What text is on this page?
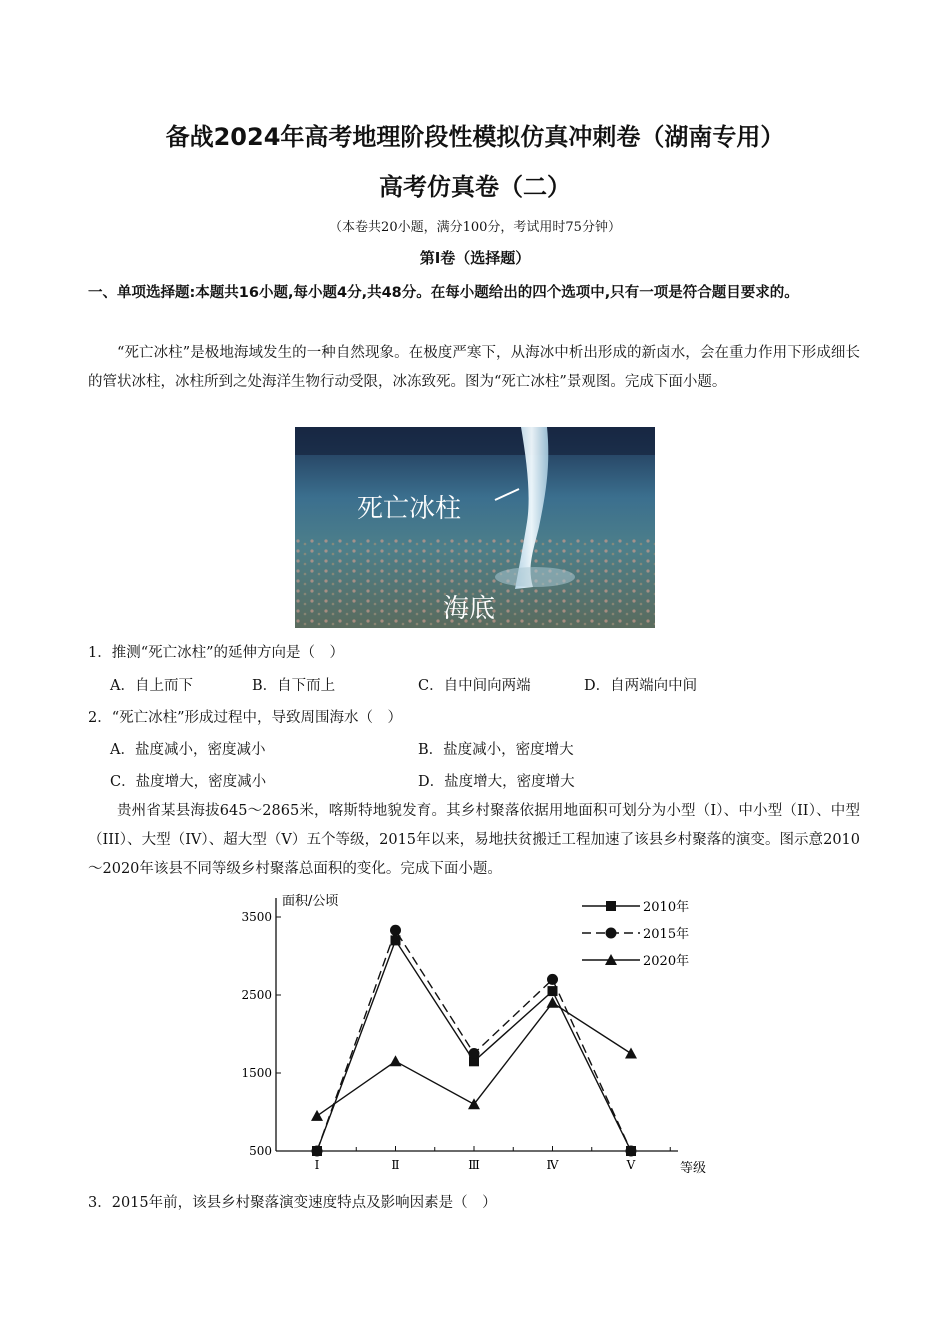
备战2024年高考地理阶段性模拟仿真冲刺卷（湖南专用）
高考仿真卷（二）
（本卷共20小题，满分100分，考试用时75分钟）
第I卷（选择题）
一、单项选择题:本题共16小题,每小题4分,共48分。在每小题给出的四个选项中,只有一项是符合题目要求的。
“死亡冰柱”是极地海域发生的一种自然现象。在极度严寒下，从海冰中析出形成的新卤水，会在重力作用下形成细长的管状冰柱，冰柱所到之处海洋生物行动受限，冰冻致死。图为“死亡冰柱”景观图。完成下面小题。
死亡冰柱
海底
1．推测“死亡冰柱”的延伸方向是（　）
A．自上而下	B．自下而上	C．自中间向两端	D．自两端向中间
2．“死亡冰柱”形成过程中，导致周围海水（　）
A．盐度减小，密度减小	B．盐度减小，密度增大
C．盐度增大，密度减小	D．盐度增大，密度增大
贵州省某县海拔645～2865米，喀斯特地貌发育。其乡村聚落依据用地面积可划分为小型（I）、中小型（II）、中型（III）、大型（IV）、超大型（V）五个等级，2015年以来，易地扶贫搬迁工程加速了该县乡村聚落的演变。图示意2010～2020年该县不同等级乡村聚落总面积的变化。完成下面小题。
面积/公顷
等级
500
1500
2500
3500
Ⅰ	Ⅱ	Ⅲ	Ⅳ	Ⅴ
2010年
2015年
2020年
3．2015年前，该县乡村聚落演变速度特点及影响因素是（　）
